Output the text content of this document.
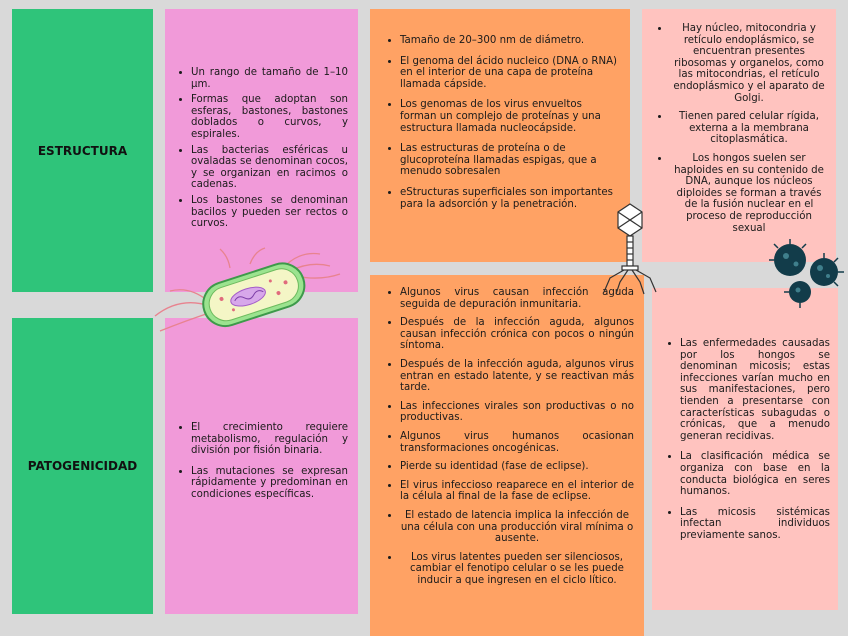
ESTRUCTURA
PATOGENICIDAD
• Un rango de tamaño de 1–10 μm.
• Formas que adoptan son esferas, bastones, bastones doblados o curvos, y espirales.
• Las bacterias esféricas u ovaladas se denominan cocos, y se organizan en racimos o cadenas.
• Los bastones se denominan bacilos y pueden ser rectos o curvos.
• El crecimiento requiere metabolismo, regulación y división por fisión binaria.
• Las mutaciones se expresan rápidamente y predominan en condiciones específicas.
• Tamaño de 20–300 nm de diámetro.
• El genoma del ácido nucleico (DNA o RNA) en el interior de una capa de proteína llamada cápside.
• Los genomas de los virus envueltos forman un complejo de proteínas y una estructura llamada nucleocápside.
• Las estructuras de proteína o de glucoproteína llamadas espigas, que a menudo sobresalen
• eStructuras superficiales son importantes para la adsorción y la penetración.
• Algunos virus causan infección aguda seguida de depuración inmunitaria.
• Después de la infección aguda, algunos causan infección crónica con pocos o ningún síntoma.
• Después de la infección aguda, algunos virus entran en estado latente, y se reactivan más tarde.
• Las infecciones virales son productivas o no productivas.
• Algunos virus humanos ocasionan transformaciones oncogénicas.
• Pierde su identidad (fase de eclipse).
• El virus infeccioso reaparece en el interior de la célula al final de la fase de eclipse.
• El estado de latencia implica la infección de una célula con una producción viral mínima o ausente.
• Los virus latentes pueden ser silenciosos, cambiar el fenotipo celular o se les puede inducir a que ingresen en el ciclo lítico.
• Hay núcleo, mitocondria y retículo endoplásmico, se encuentran presentes ribosomas y organelos, como las mitocondrias, el retículo endoplásmico y el aparato de Golgi.
• Tienen pared celular rígida, externa a la membrana citoplasmática.
• Los hongos suelen ser haploides en su contenido de DNA, aunque los núcleos diploides se forman a través de la fusión nuclear en el proceso de reproducción sexual
• Las enfermedades causadas por los hongos se denominan micosis; estas infecciones varían mucho en sus manifestaciones, pero tienden a presentarse con características subagudas o crónicas, que a menudo generan recidivas.
• La clasificación médica se organiza con base en la conducta biológica en seres humanos.
• Las micosis sistémicas infectan individuos previamente sanos.
